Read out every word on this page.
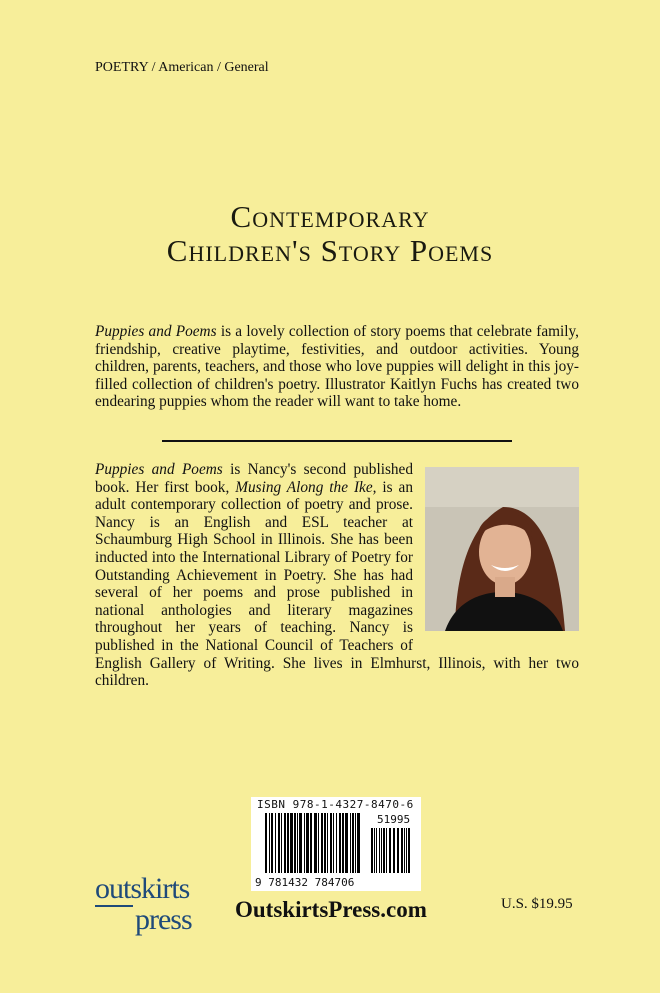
POETRY / American / General
Contemporary
Children's Story Poems
Puppies and Poems is a lovely collection of story poems that celebrate family, friendship, creative playtime, festivities, and outdoor activities. Young children, parents, teachers, and those who love puppies will delight in this joy-filled collection of children's poetry. Illustrator Kaitlyn Fuchs has created two endearing puppies whom the reader will want to take home.
Puppies and Poems is Nancy's second published book. Her first book, Musing Along the Ike, is an adult contemporary collection of poetry and prose. Nancy is an English and ESL teacher at Schaumburg High School in Illinois. She has been inducted into the International Library of Poetry for Outstanding Achievement in Poetry. She has had several of her poems and prose published in national anthologies and literary magazines throughout her years of teaching. Nancy is published in the National Council of Teachers of English Gallery of Writing. She lives in Elmhurst, Illinois, with her two children.
ISBN 978-1-4327-8470-6
51995
9 781432 784706
outskirts
press OutskirtsPress.com	U.S. $19.95
